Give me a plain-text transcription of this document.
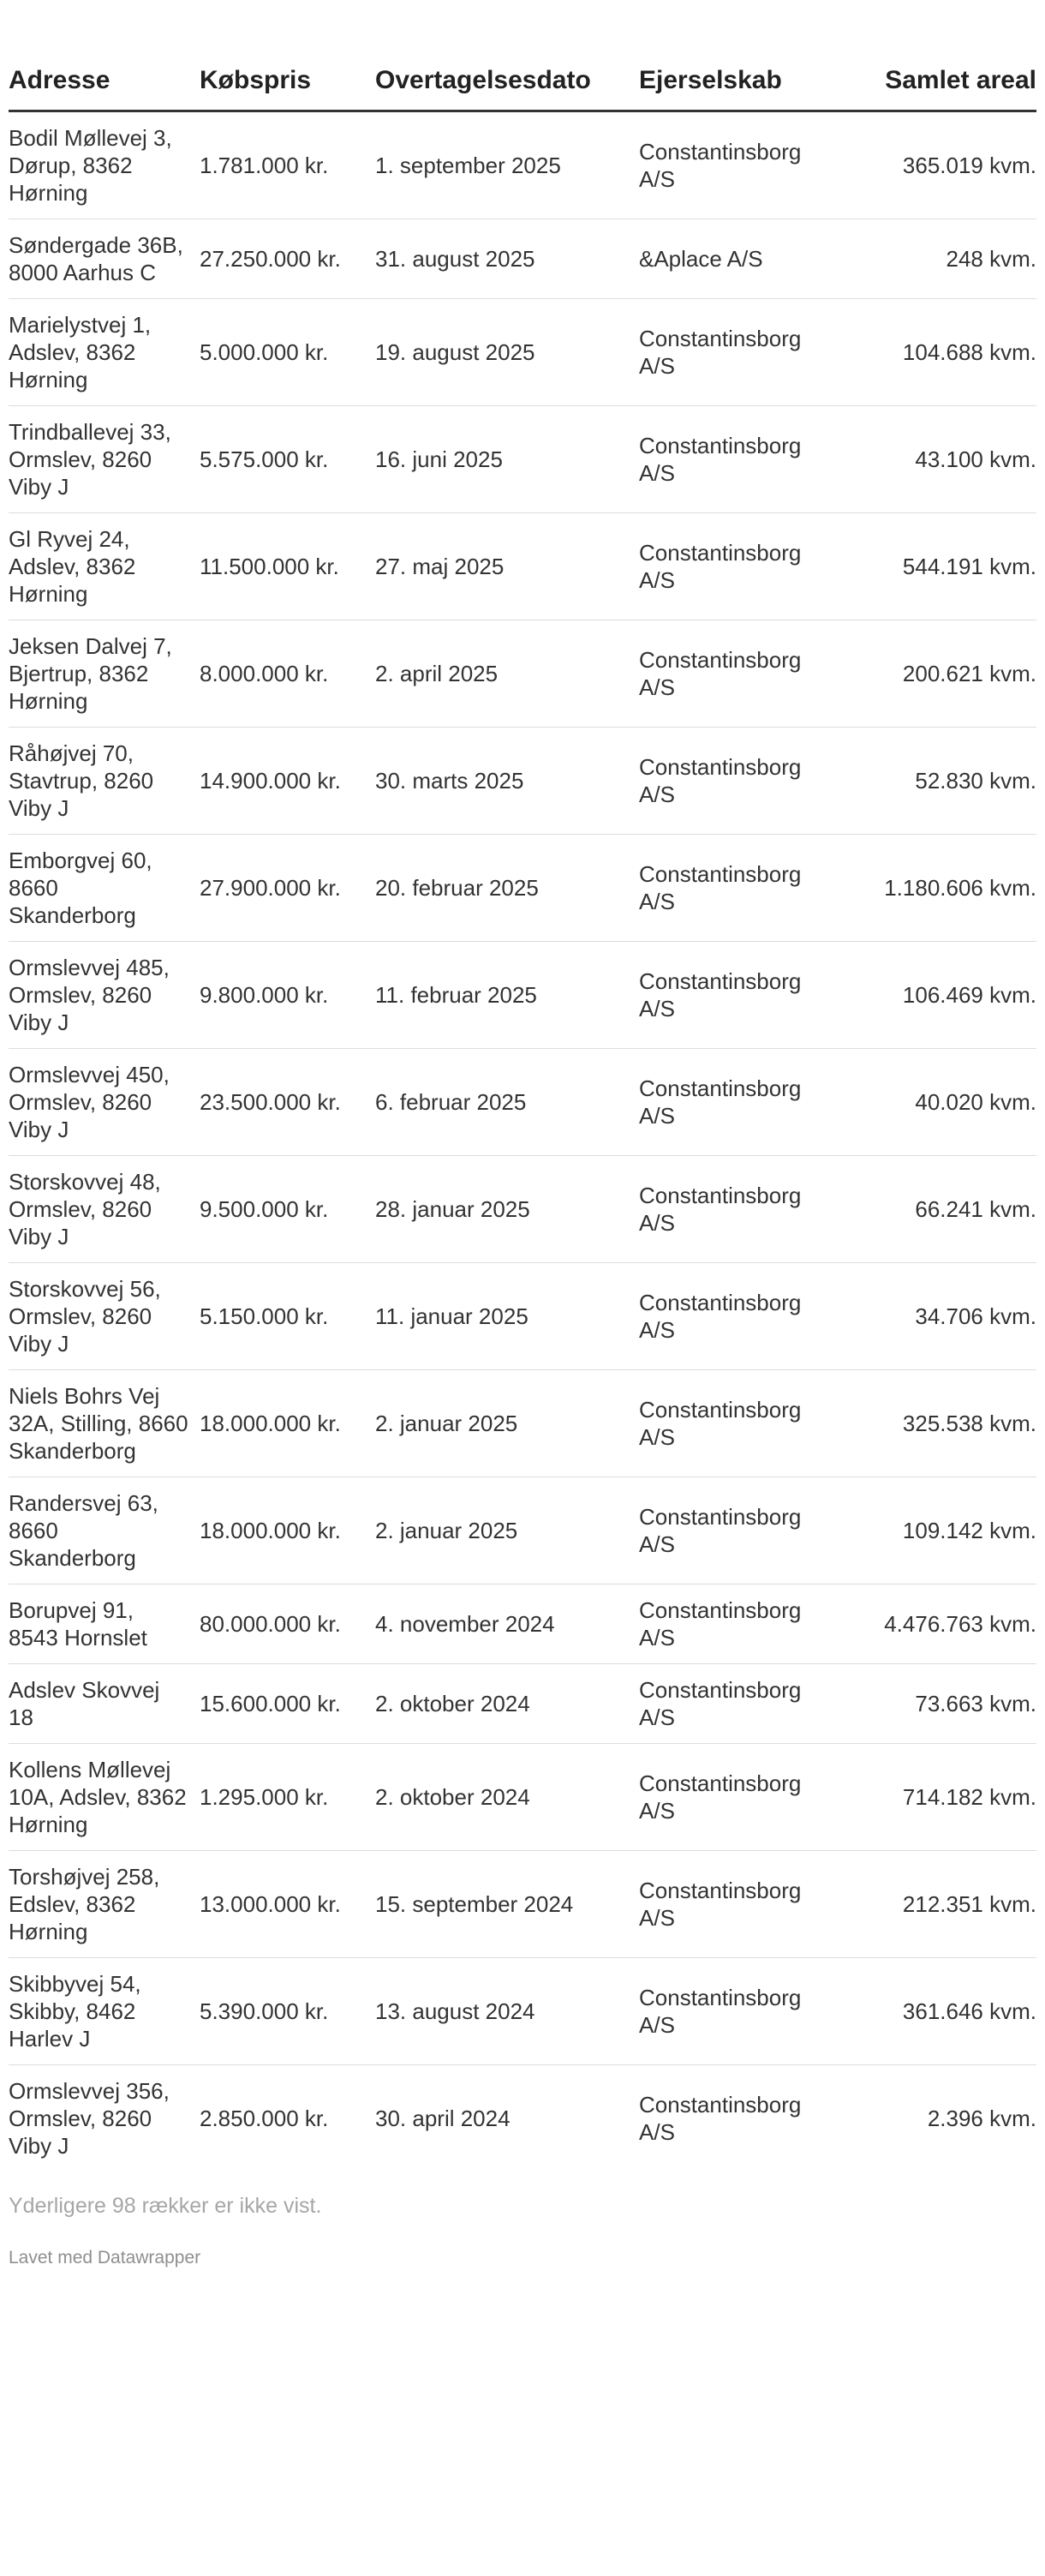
Adresse	Købspris	Overtagelsesdato	Ejerselskab	Samlet areal
Bodil Møllevej 3, Dørup, 8362 Hørning	1.781.000 kr.	1. september 2025	Constantinsborg A/S	365.019 kvm.
Søndergade 36B, 8000 Aarhus C	27.250.000 kr.	31. august 2025	&Aplace A/S	248 kvm.
Marielystvej 1, Adslev, 8362 Hørning	5.000.000 kr.	19. august 2025	Constantinsborg A/S	104.688 kvm.
Trindballevej 33, Ormslev, 8260 Viby J	5.575.000 kr.	16. juni 2025	Constantinsborg A/S	43.100 kvm.
Gl Ryvej 24, Adslev, 8362 Hørning	11.500.000 kr.	27. maj 2025	Constantinsborg A/S	544.191 kvm.
Jeksen Dalvej 7, Bjertrup, 8362 Hørning	8.000.000 kr.	2. april 2025	Constantinsborg A/S	200.621 kvm.
Råhøjvej 70, Stavtrup, 8260 Viby J	14.900.000 kr.	30. marts 2025	Constantinsborg A/S	52.830 kvm.
Emborgvej 60, 8660 Skanderborg	27.900.000 kr.	20. februar 2025	Constantinsborg A/S	1.180.606 kvm.
Ormslevvej 485, Ormslev, 8260 Viby J	9.800.000 kr.	11. februar 2025	Constantinsborg A/S	106.469 kvm.
Ormslevvej 450, Ormslev, 8260 Viby J	23.500.000 kr.	6. februar 2025	Constantinsborg A/S	40.020 kvm.
Storskovvej 48, Ormslev, 8260 Viby J	9.500.000 kr.	28. januar 2025	Constantinsborg A/S	66.241 kvm.
Storskovvej 56, Ormslev, 8260 Viby J	5.150.000 kr.	11. januar 2025	Constantinsborg A/S	34.706 kvm.
Niels Bohrs Vej 32A, Stilling, 8660 Skanderborg	18.000.000 kr.	2. januar 2025	Constantinsborg A/S	325.538 kvm.
Randersvej 63, 8660 Skanderborg	18.000.000 kr.	2. januar 2025	Constantinsborg A/S	109.142 kvm.
Borupvej 91, 8543 Hornslet	80.000.000 kr.	4. november 2024	Constantinsborg A/S	4.476.763 kvm.
Adslev Skovvej 18	15.600.000 kr.	2. oktober 2024	Constantinsborg A/S	73.663 kvm.
Kollens Møllevej 10A, Adslev, 8362 Hørning	1.295.000 kr.	2. oktober 2024	Constantinsborg A/S	714.182 kvm.
Torshøjvej 258, Edslev, 8362 Hørning	13.000.000 kr.	15. september 2024	Constantinsborg A/S	212.351 kvm.
Skibbyvej 54, Skibby, 8462 Harlev J	5.390.000 kr.	13. august 2024	Constantinsborg A/S	361.646 kvm.
Ormslevvej 356, Ormslev, 8260 Viby J	2.850.000 kr.	30. april 2024	Constantinsborg A/S	2.396 kvm.
Yderligere 98 rækker er ikke vist.
Lavet med Datawrapper
